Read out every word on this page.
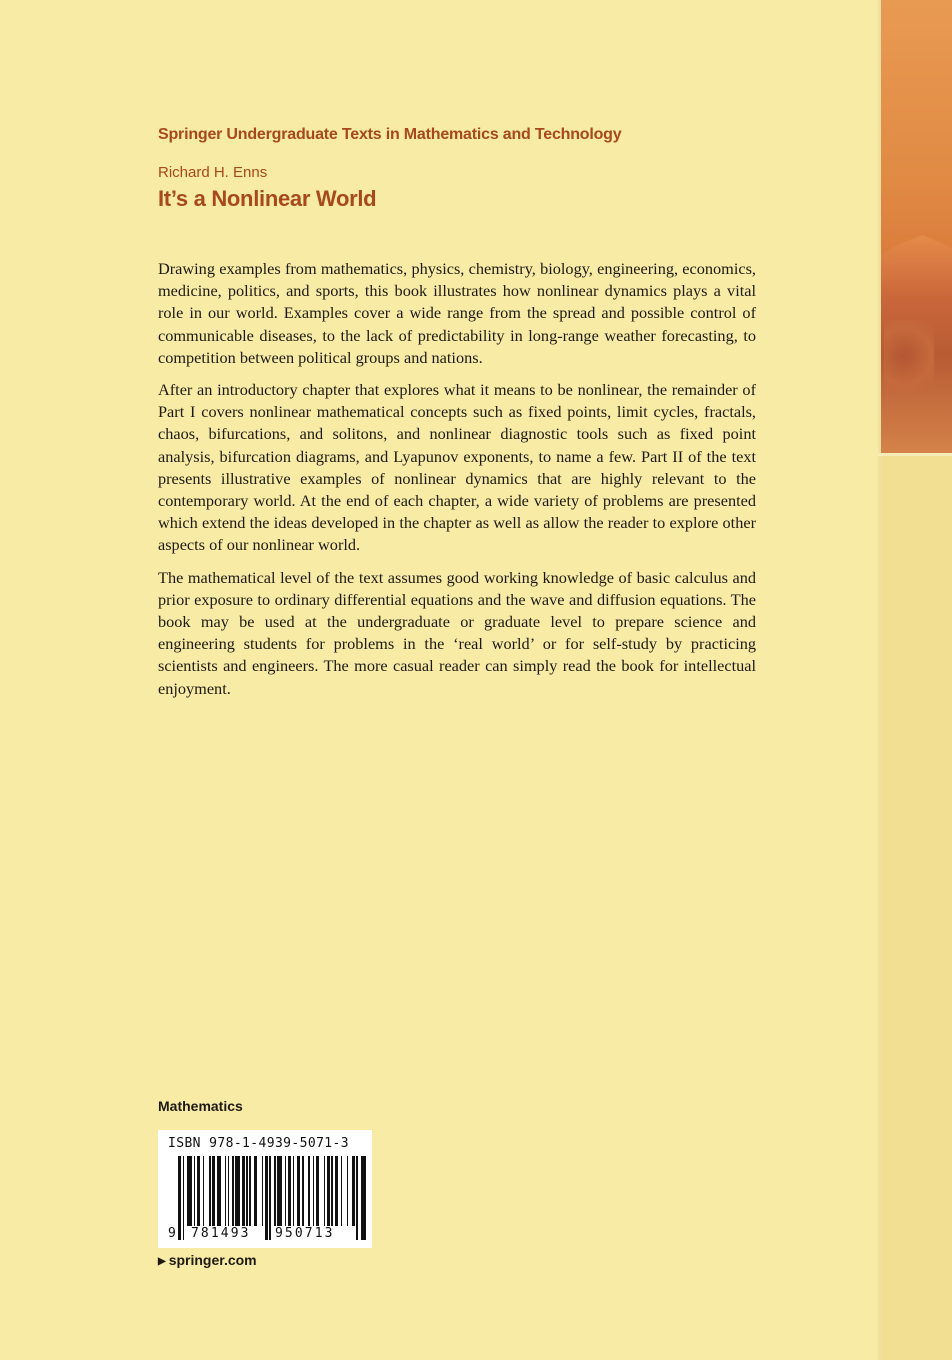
Springer Undergraduate Texts in Mathematics and Technology
Richard H. Enns
It’s a Nonlinear World

Drawing examples from mathematics, physics, chemistry, biology, engineering, economics, medicine, politics, and sports, this book illustrates how nonlinear dynamics plays a vital role in our world. Examples cover a wide range from the spread and possible control of communicable diseases, to the lack of predictability in long-range weather forecasting, to competition between political groups and nations.

After an introductory chapter that explores what it means to be nonlinear, the remainder of Part I covers nonlinear mathematical concepts such as fixed points, limit cycles, fractals, chaos, bifurcations, and solitons, and nonlinear diagnostic tools such as fixed point analysis, bifurcation diagrams, and Lyapunov exponents, to name a few. Part II of the text presents illustrative examples of nonlinear dynamics that are highly relevant to the contemporary world. At the end of each chapter, a wide variety of problems are presented which extend the ideas developed in the chapter as well as allow the reader to explore other aspects of our nonlinear world.

The mathematical level of the text assumes good working knowledge of basic calculus and prior exposure to ordinary differential equations and the wave and diffusion equations. The book may be used at the undergraduate or graduate level to prepare science and engineering students for problems in the ‘real world’ or for self-study by practicing scientists and engineers. The more casual reader can simply read the book for intellectual enjoyment.

Mathematics
ISBN 978-1-4939-5071-3
9 781493 950713
▶ springer.com
